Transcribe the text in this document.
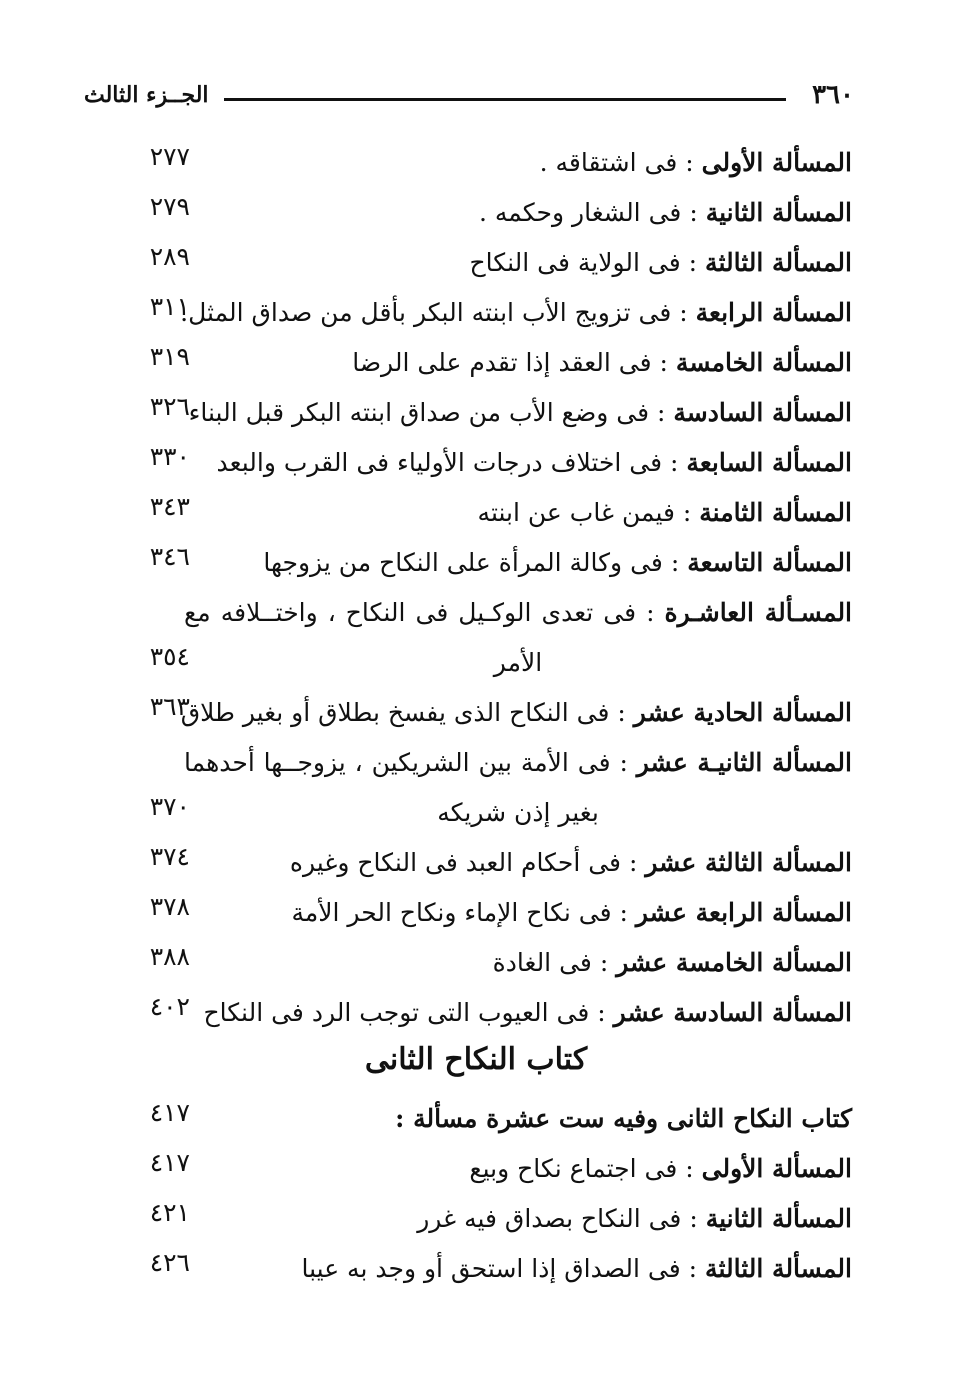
٣٦٠
الجــزء الثالث
المسألة الأولى : فى اشتقاقه .
٢٧٧
المسألة الثانية : فى الشغار وحكمه .
٢٧٩
المسألة الثالثة : فى الولاية فى النكاح
٢٨٩
المسألة الرابعة : فى تزويج الأب ابنته البكر بأقل من صداق المثل.
٣١١
المسألة الخامسة : فى العقد إذا تقدم على الرضا
٣١٩
المسألة السادسة : فى وضع الأب من صداق ابنته البكر قبل البناء
٣٢٦
المسألة السابعة : فى اختلاف درجات الأولياء فى القرب والبعد
٣٣٠
المسألة الثامنة : فيمن غاب عن ابنته
٣٤٣
المسألة التاسعة : فى وكالة المرأة على النكاح من يزوجها
٣٤٦
المسـألة العاشـرة : فى تعدى الوكـيل فى النكاح ، واختــلافه مع الأمر
٣٥٤
المسألة الحادية عشر : فى النكاح الذى يفسخ بطلاق أو بغير طلاق
٣٦٣
المسألة الثانيـة عشر : فى الأمة بين الشريكين ، يزوجــها أحدهما بغير إذن شريكه
٣٧٠
المسألة الثالثة عشر : فى أحكام العبد فى النكاح وغيره
٣٧٤
المسألة الرابعة عشر : فى نكاح الإماء ونكاح الحر الأمة
٣٧٨
المسألة الخامسة عشر : فى الغادة
٣٨٨
المسألة السادسة عشر : فى العيوب التى توجب الرد فى النكاح
٤٠٢
كتاب النكاح الثانى
كتاب النكاح الثانى وفيه ست عشرة مسألة :
٤١٧
المسألة الأولى : فى اجتماع نكاح وبيع
٤١٧
المسألة الثانية : فى النكاح بصداق فيه غرر
٤٢١
المسألة الثالثة : فى الصداق إذا استحق أو وجد به عيبا
٤٢٦
